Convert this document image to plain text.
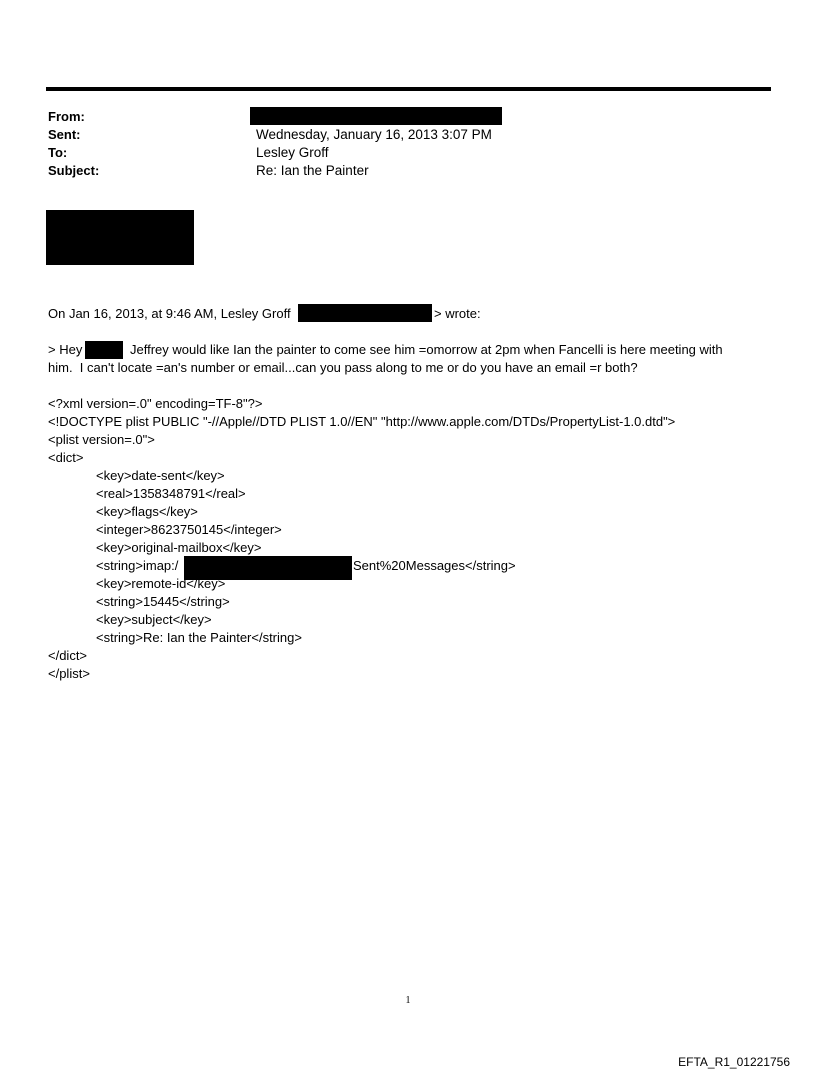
From:
Sent:	Wednesday, January 16, 2013 3:07 PM
To:	Lesley Groff
Subject:	Re: Ian the Painter
On Jan 16, 2013, at 9:46 AM, Lesley Groff	> wrote:
> Hey	Jeffrey would like Ian the painter to come see him =omorrow at 2pm when Fancelli is here meeting with
him.  I can't locate =an's number or email...can you pass along to me or do you have an email =r both?
<?xml version=.0" encoding=TF-8"?>
<!DOCTYPE plist PUBLIC "-//Apple//DTD PLIST 1.0//EN" "http://www.apple.com/DTDs/PropertyList-1.0.dtd">
<plist version=.0">
<dict>
<key>date-sent</key>
<real>1358348791</real>
<key>flags</key>
<integer>8623750145</integer>
<key>original-mailbox</key>
<string>imap:/	Sent%20Messages</string>
<key>remote-id</key>
<string>15445</string>
<key>subject</key>
<string>Re: Ian the Painter</string>
</dict>
</plist>
1
EFTA_R1_01221756
